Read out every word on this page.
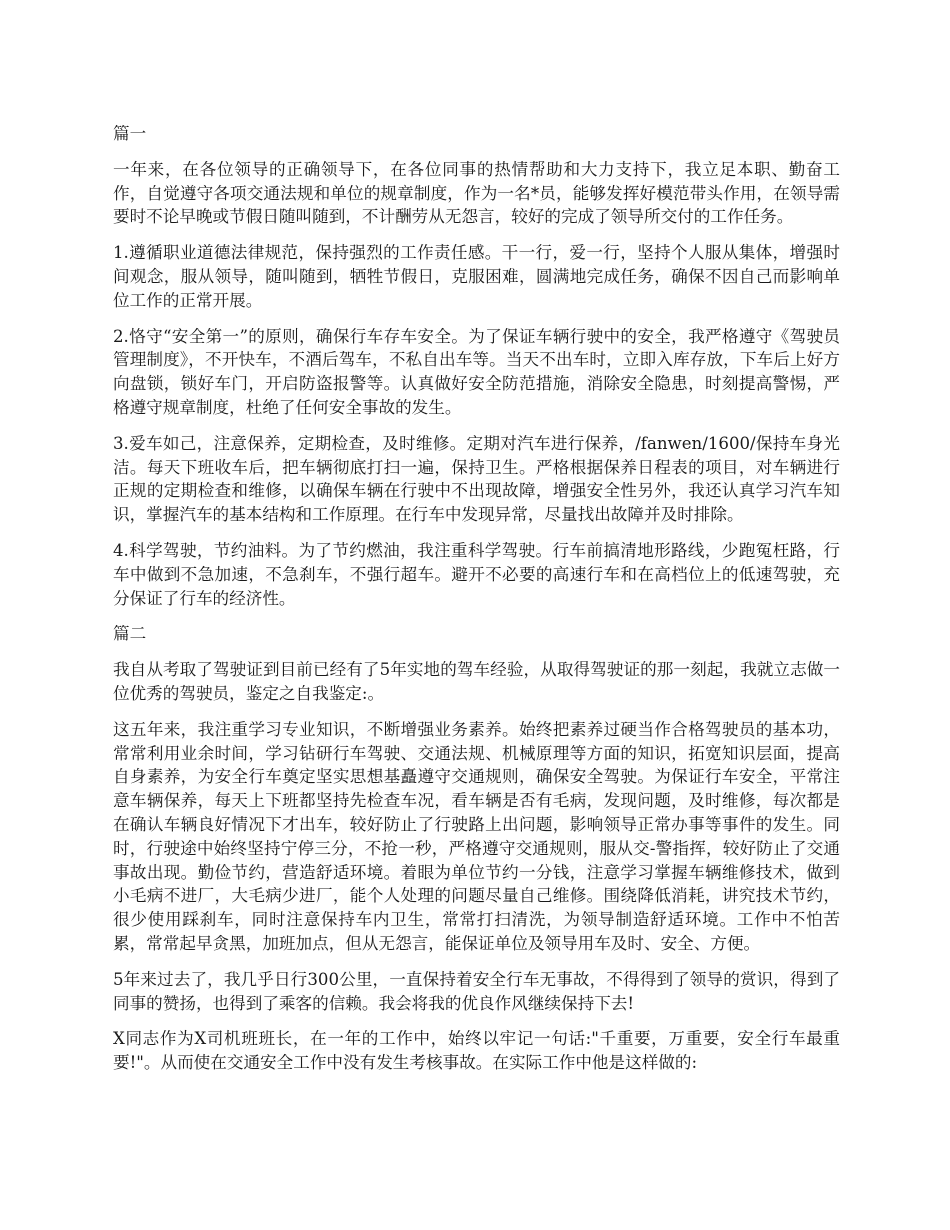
篇一
一年来，在各位领导的正确领导下，在各位同事的热情帮助和大力支持下，我立足本职、勤奋工作，自觉遵守各项交通法规和单位的规章制度，作为一名*员，能够发挥好模范带头作用，在领导需要时不论早晚或节假日随叫随到，不计酬劳从无怨言，较好的完成了领导所交付的工作任务。
1.遵循职业道德法律规范，保持强烈的工作责任感。干一行，爱一行，坚持个人服从集体，增强时间观念，服从领导，随叫随到，牺牲节假日，克服困难，圆满地完成任务，确保不因自己而影响单位工作的正常开展。
2.恪守“安全第一”的原则，确保行车存车安全。为了保证车辆行驶中的安全，我严格遵守《驾驶员管理制度》，不开快车，不酒后驾车，不私自出车等。当天不出车时，立即入库存放，下车后上好方向盘锁，锁好车门，开启防盗报警等。认真做好安全防范措施，消除安全隐患，时刻提高警惕，严格遵守规章制度，杜绝了任何安全事故的发生。
3.爱车如己，注意保养，定期检查，及时维修。定期对汽车进行保养，/fanwen/1600/保持车身光洁。每天下班收车后，把车辆彻底打扫一遍，保持卫生。严格根据保养日程表的项目，对车辆进行正规的定期检查和维修，以确保车辆在行驶中不出现故障，增强安全性另外，我还认真学习汽车知识，掌握汽车的基本结构和工作原理。在行车中发现异常，尽量找出故障并及时排除。
4.科学驾驶，节约油料。为了节约燃油，我注重科学驾驶。行车前搞清地形路线，少跑冤枉路，行车中做到不急加速，不急刹车，不强行超车。避开不必要的高速行车和在高档位上的低速驾驶，充分保证了行车的经济性。
篇二
我自从考取了驾驶证到目前已经有了5年实地的驾车经验，从取得驾驶证的那一刻起，我就立志做一位优秀的驾驶员，鉴定之自我鉴定:。
这五年来，我注重学习专业知识，不断增强业务素养。始终把素养过硬当作合格驾驶员的基本功，常常利用业余时间，学习钻研行车驾驶、交通法规、机械原理等方面的知识，拓宽知识层面，提高自身素养，为安全行车奠定坚实思想基矗遵守交通规则，确保安全驾驶。为保证行车安全，平常注意车辆保养，每天上下班都坚持先检查车况，看车辆是否有毛病，发现问题，及时维修，每次都是在确认车辆良好情况下才出车，较好防止了行驶路上出问题，影响领导正常办事等事件的发生。同时，行驶途中始终坚持宁停三分，不抢一秒，严格遵守交通规则，服从交-警指挥，较好防止了交通事故出现。勤俭节约，营造舒适环境。着眼为单位节约一分钱，注意学习掌握车辆维修技术，做到小毛病不进厂，大毛病少进厂，能个人处理的问题尽量自己维修。围绕降低消耗，讲究技术节约，很少使用踩刹车，同时注意保持车内卫生，常常打扫清洗，为领导制造舒适环境。工作中不怕苦累，常常起早贪黑，加班加点，但从无怨言，能保证单位及领导用车及时、安全、方便。
5年来过去了，我几乎日行300公里，一直保持着安全行车无事故，不得得到了领导的赏识，得到了同事的赞扬，也得到了乘客的信赖。我会将我的优良作风继续保持下去!
X同志作为X司机班班长，在一年的工作中，始终以牢记一句话:"千重要，万重要，安全行车最重要!"。从而使在交通安全工作中没有发生考核事故。在实际工作中他是这样做的:
